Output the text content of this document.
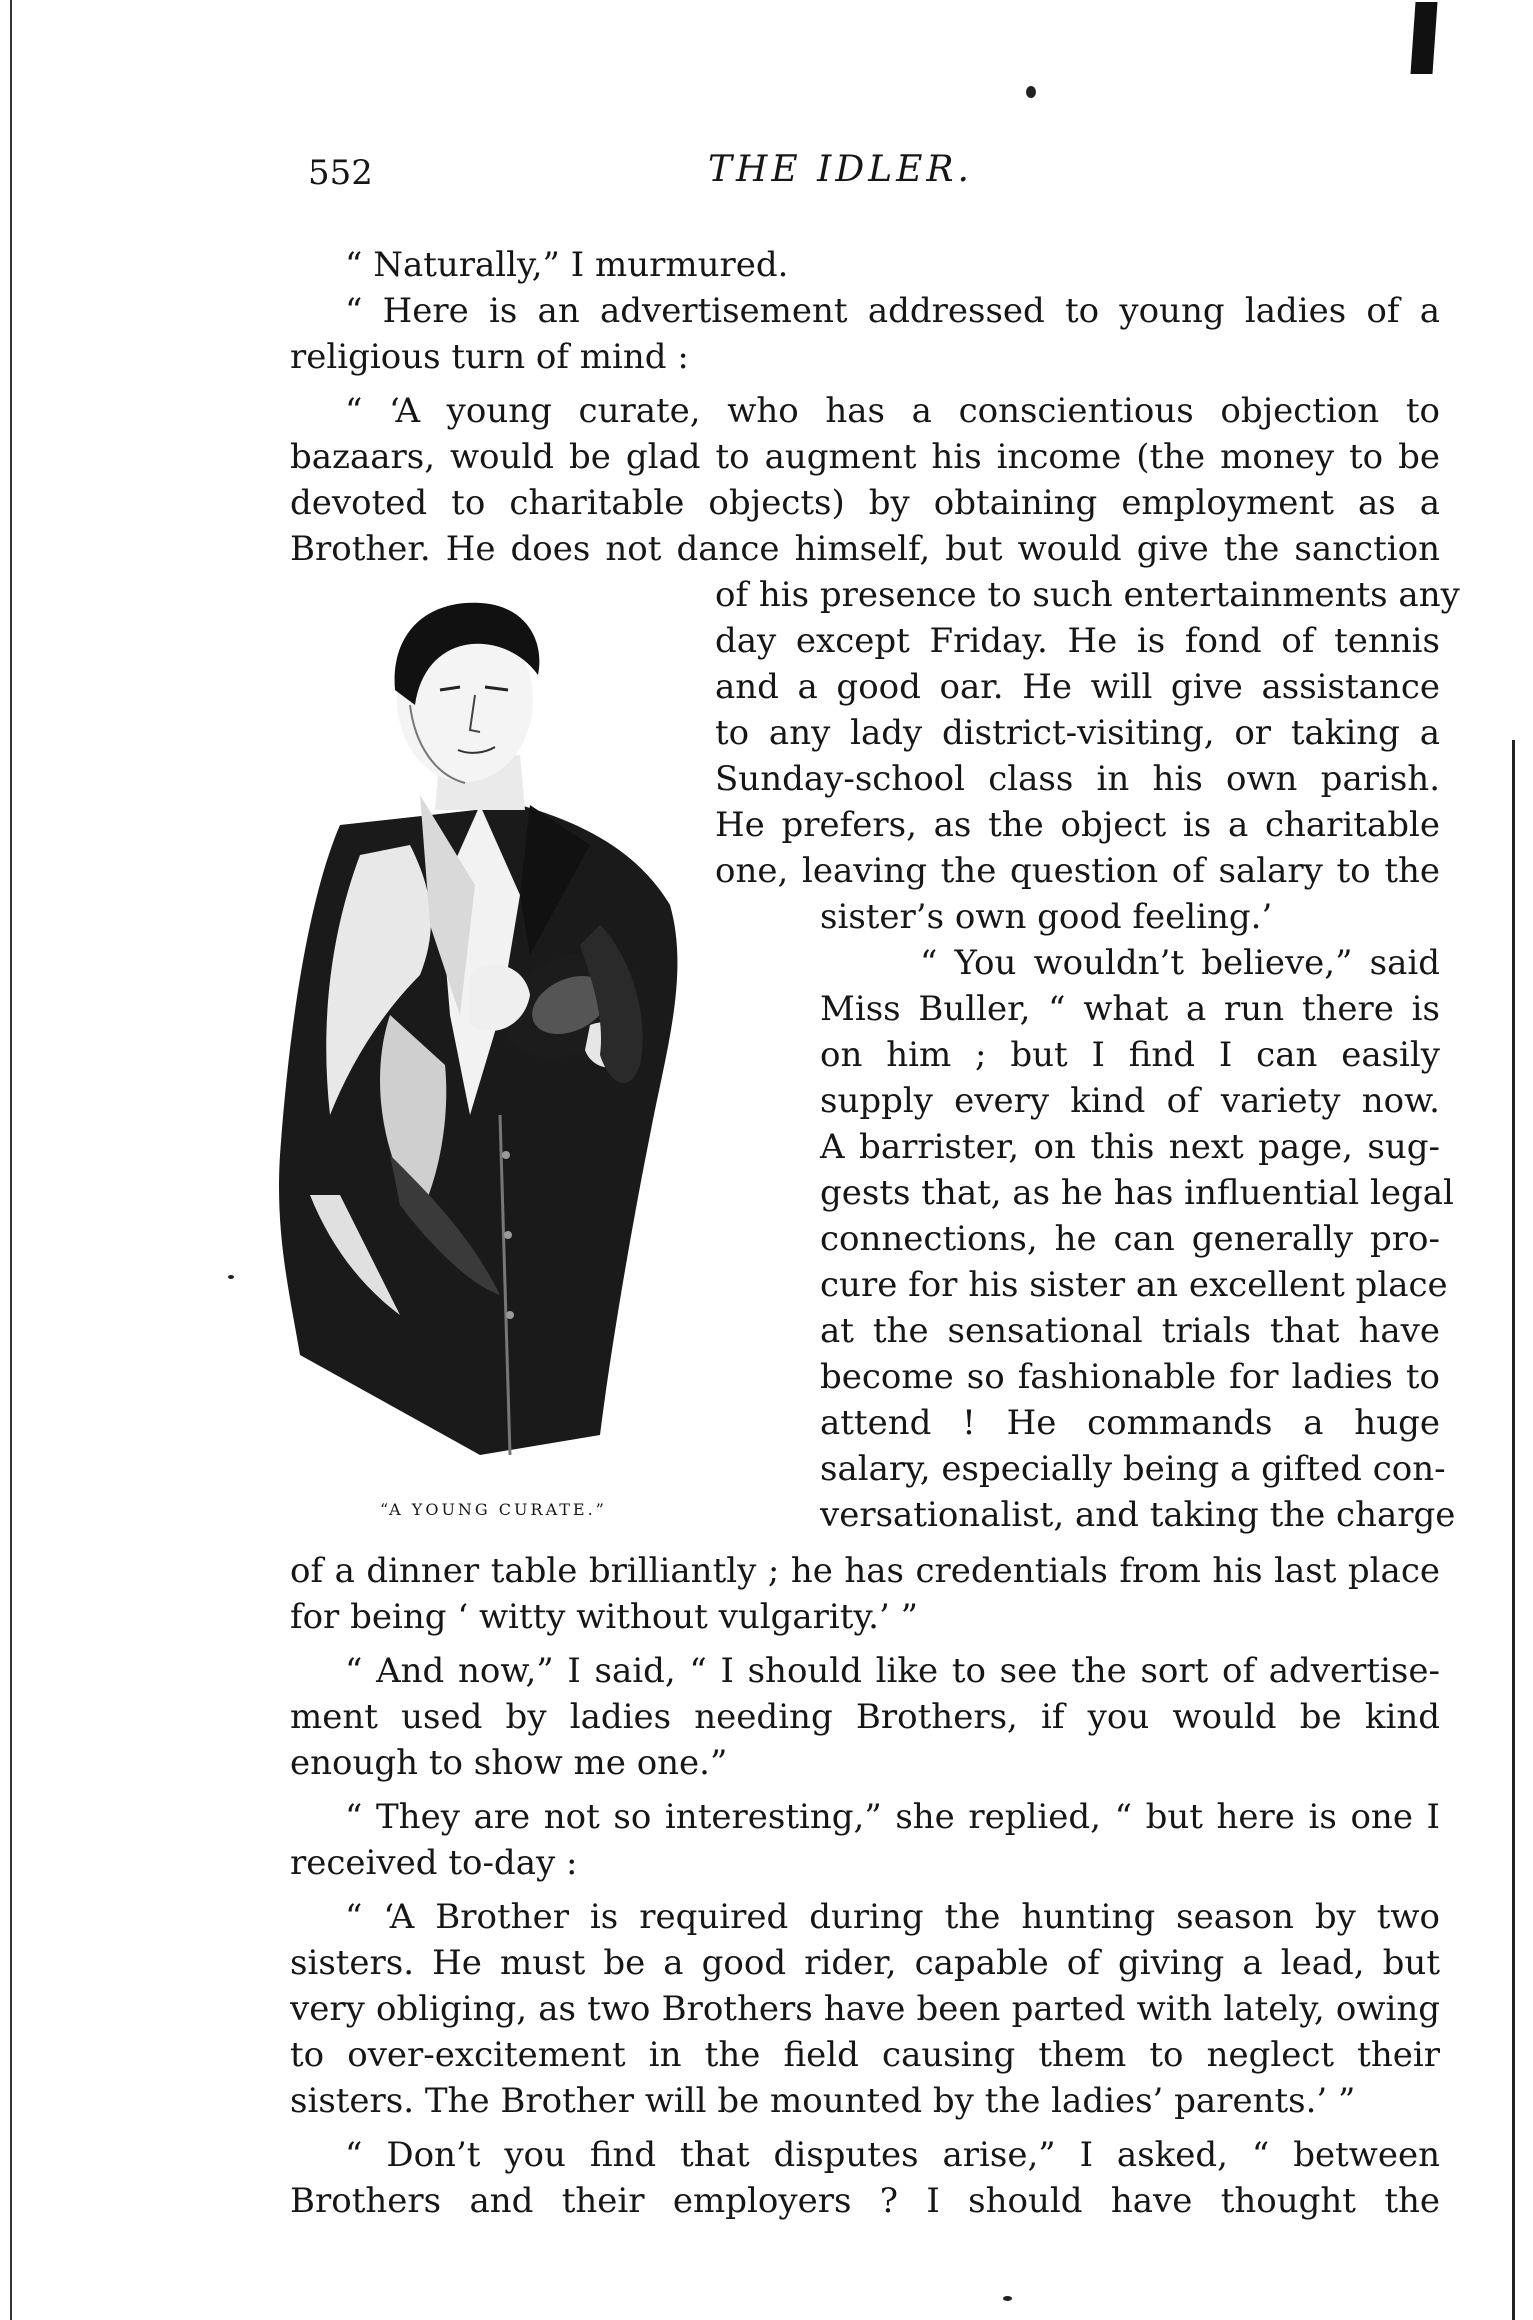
552	THE IDLER.
“ Naturally,” I murmured.
“ Here is an advertisement addressed to young ladies of a
religious turn of mind :
“ ‘A young curate, who has a conscientious objection to
bazaars, would be glad to augment his income (the money to be
devoted to charitable objects) by obtaining employment as a
Brother. He does not dance himself, but would give the sanction
of his presence to such entertainments any
day except Friday. He is fond of tennis
and a good oar. He will give assistance
to any lady district-visiting, or taking a
Sunday-school class in his own parish.
He prefers, as the object is a charitable
one, leaving the question of salary to the
sister’s own good feeling.’
“ You wouldn’t believe,” said
Miss Buller, “ what a run there is
on him ; but I find I can easily
supply every kind of variety now.
A barrister, on this next page, sug-
gests that, as he has influential legal
connections, he can generally pro-
cure for his sister an excellent place
at the sensational trials that have
become so fashionable for ladies to
attend ! He commands a huge
salary, especially being a gifted con-
versationalist, and taking the charge
of a dinner table brilliantly ; he has credentials from his last place
for being ‘ witty without vulgarity.’ ”
“ And now,” I said, “ I should like to see the sort of advertise-
ment used by ladies needing Brothers, if you would be kind
enough to show me one.”
“ They are not so interesting,” she replied, “ but here is one I
received to-day :
“ ‘A Brother is required during the hunting season by two
sisters. He must be a good rider, capable of giving a lead, but
very obliging, as two Brothers have been parted with lately, owing
to over-excitement in the field causing them to neglect their
sisters. The Brother will be mounted by the ladies’ parents.’ ”
“ Don’t you find that disputes arise,” I asked, “ between
Brothers and their employers ? I should have thought the
“A YOUNG CURATE.”
